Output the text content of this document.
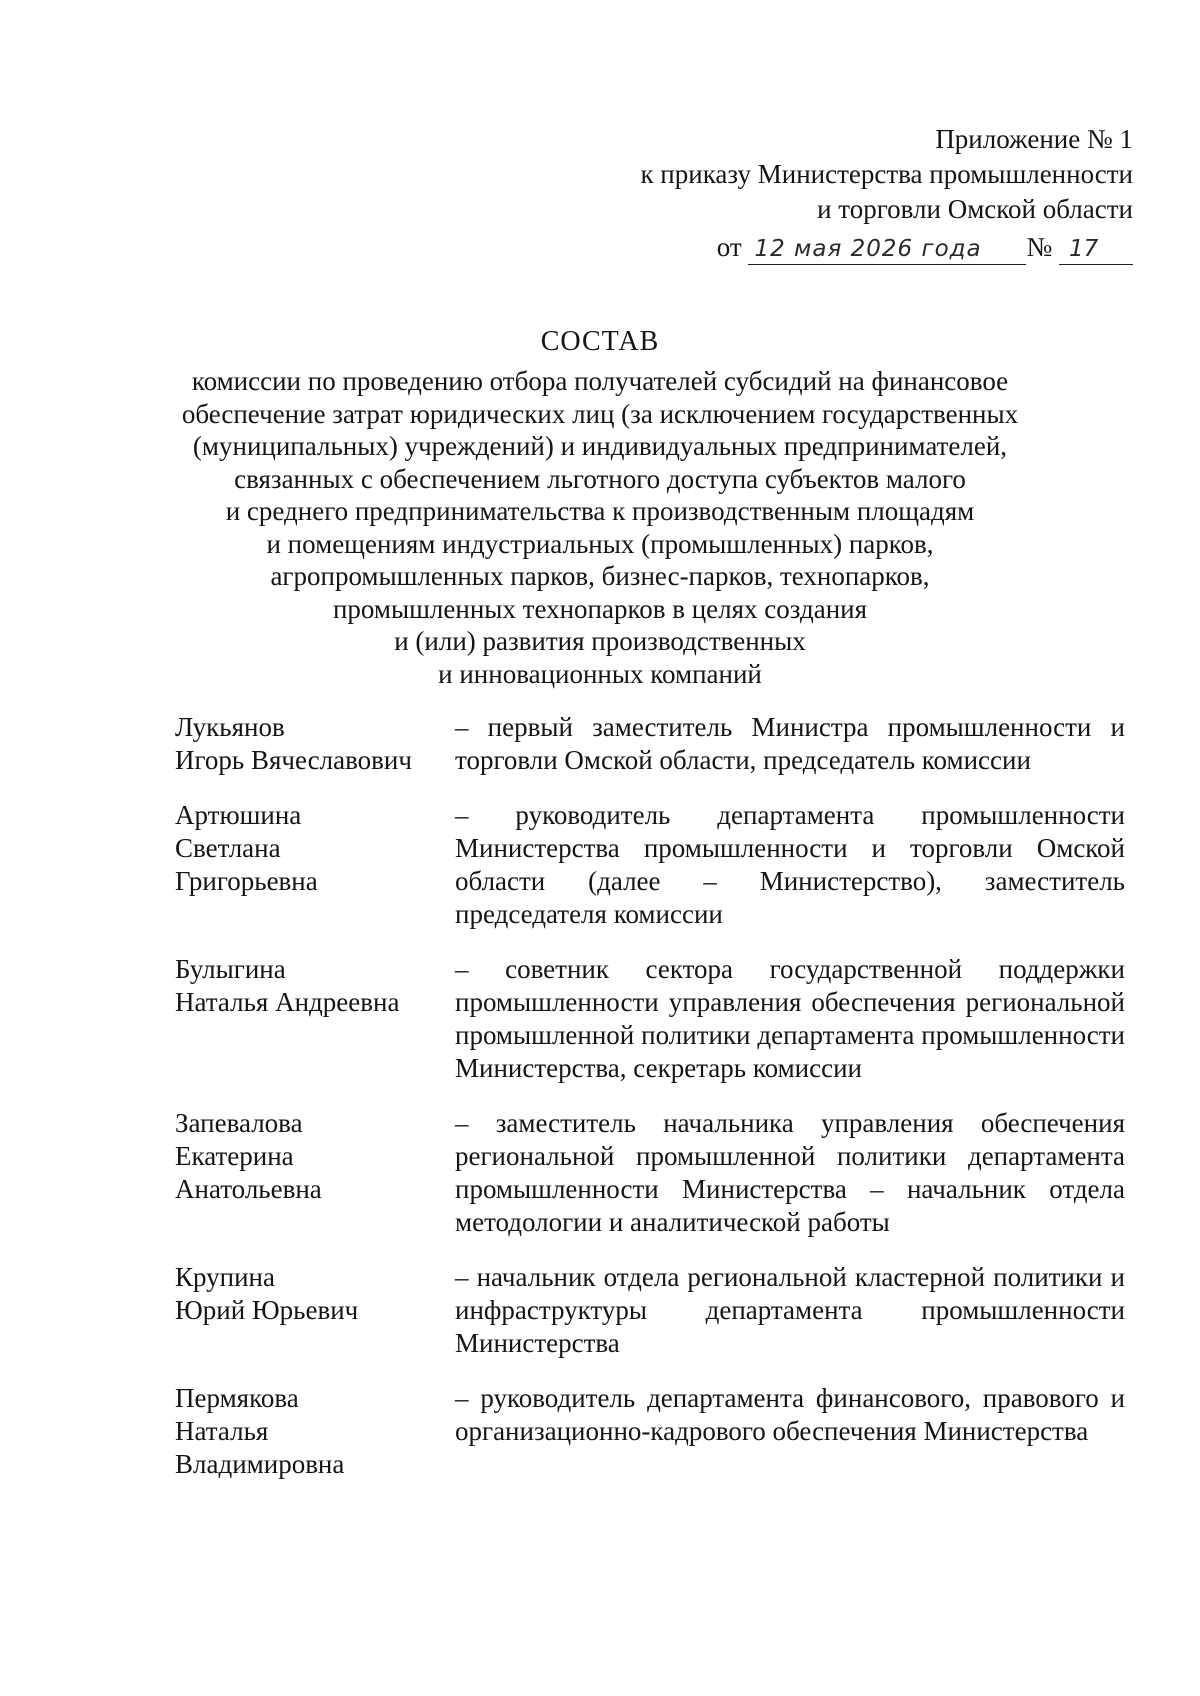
Приложение № 1
к приказу Министерства промышленности
и торговли Омской области
от 12 мая 2026 года № 17
СОСТАВ
комиссии по проведению отбора получателей субсидий на финансовое
обеспечение затрат юридических лиц (за исключением государственных
(муниципальных) учреждений) и индивидуальных предпринимателей,
связанных с обеспечением льготного доступа субъектов малого
и среднего предпринимательства к производственным площадям
и помещениям индустриальных (промышленных) парков,
агропромышленных парков, бизнес-парков, технопарков,
промышленных технопарков в целях создания
и (или) развития производственных
и инновационных компаний
Лукьянов
Игорь Вячеславович
– первый заместитель Министра промышленности и торговли Омской области, председатель комиссии
Артюшина
Светлана
Григорьевна
– руководитель департамента промышленности Министерства промышленности и торговли Омской области (далее – Министерство), заместитель председателя комиссии
Булыгина
Наталья Андреевна
– советник сектора государственной поддержки промышленности управления обеспечения региональной промышленной политики департамента промышленности Министерства, секретарь комиссии
Запевалова
Екатерина
Анатольевна
– заместитель начальника управления обеспечения региональной промышленной политики департамента промышленности Министерства – начальник отдела методологии и аналитической работы
Крупина
Юрий Юрьевич
– начальник отдела региональной кластерной политики и инфраструктуры департамента промышленности Министерства
Пермякова
Наталья
Владимировна
– руководитель департамента финансового, правового и организационно-кадрового обеспечения Министерства
